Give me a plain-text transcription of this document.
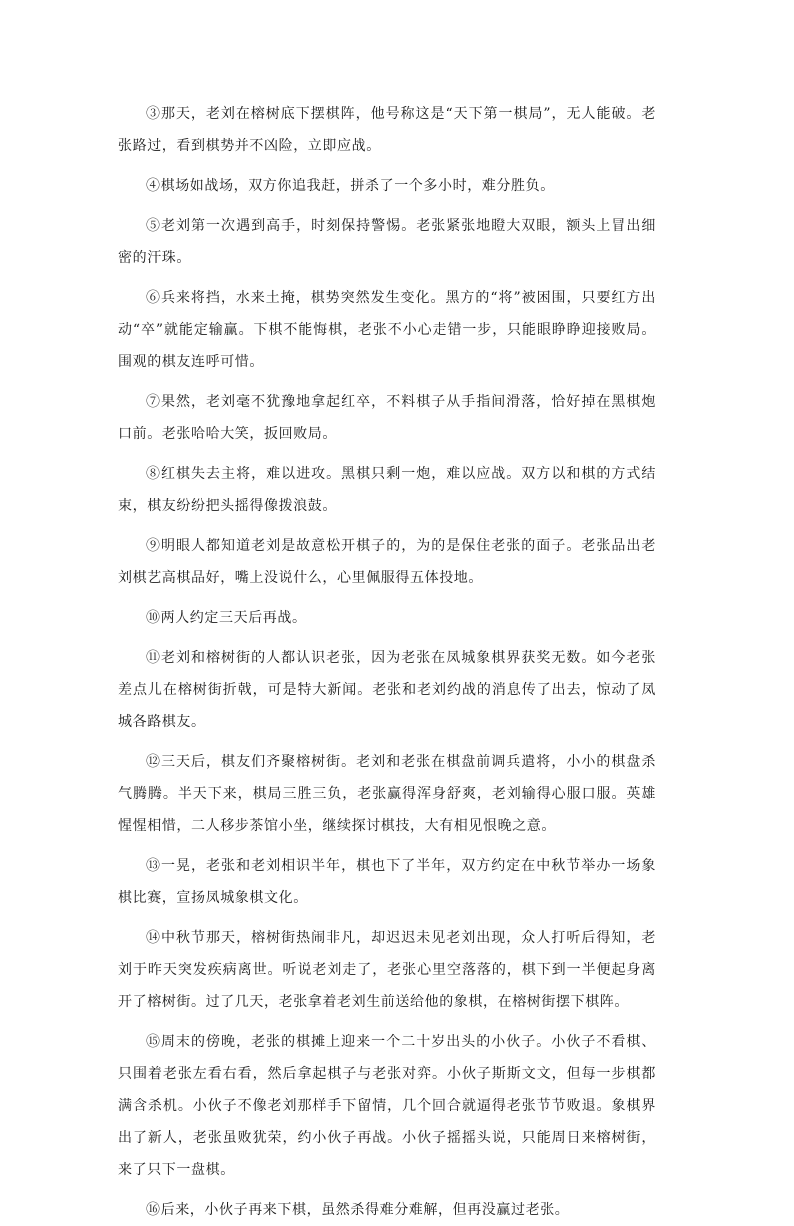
③那天，老刘在榕树底下摆棋阵，他号称这是“天下第一棋局”，无人能破。老张路过，看到棋势并不凶险，立即应战。

④棋场如战场，双方你追我赶，拼杀了一个多小时，难分胜负。

⑤老刘第一次遇到高手，时刻保持警惕。老张紧张地瞪大双眼，额头上冒出细密的汗珠。

⑥兵来将挡，水来土掩，棋势突然发生变化。黑方的“将”被困围，只要红方出动“卒”就能定输赢。下棋不能悔棋，老张不小心走错一步，只能眼睁睁迎接败局。围观的棋友连呼可惜。

⑦果然，老刘毫不犹豫地拿起红卒，不料棋子从手指间滑落，恰好掉在黑棋炮口前。老张哈哈大笑，扳回败局。

⑧红棋失去主将，难以进攻。黑棋只剩一炮，难以应战。双方以和棋的方式结束，棋友纷纷把头摇得像拨浪鼓。

⑨明眼人都知道老刘是故意松开棋子的，为的是保住老张的面子。老张品出老刘棋艺高棋品好，嘴上没说什么，心里佩服得五体投地。

⑩两人约定三天后再战。

⑪老刘和榕树街的人都认识老张，因为老张在凤城象棋界获奖无数。如今老张差点儿在榕树街折戟，可是特大新闻。老张和老刘约战的消息传了出去，惊动了凤城各路棋友。

⑫三天后，棋友们齐聚榕树街。老刘和老张在棋盘前调兵遣将，小小的棋盘杀气腾腾。半天下来，棋局三胜三负，老张赢得浑身舒爽，老刘输得心服口服。英雄惺惺相惜，二人移步茶馆小坐，继续探讨棋技，大有相见恨晚之意。

⑬一晃，老张和老刘相识半年，棋也下了半年，双方约定在中秋节举办一场象棋比赛，宣扬凤城象棋文化。

⑭中秋节那天，榕树街热闹非凡，却迟迟未见老刘出现，众人打听后得知，老刘于昨天突发疾病离世。听说老刘走了，老张心里空落落的，棋下到一半便起身离开了榕树街。过了几天，老张拿着老刘生前送给他的象棋，在榕树街摆下棋阵。

⑮周末的傍晚，老张的棋摊上迎来一个二十岁出头的小伙子。小伙子不看棋、只围着老张左看右看，然后拿起棋子与老张对弈。小伙子斯斯文文，但每一步棋都满含杀机。小伙子不像老刘那样手下留情，几个回合就逼得老张节节败退。象棋界出了新人，老张虽败犹荣，约小伙子再战。小伙子摇摇头说，只能周日来榕树街，来了只下一盘棋。

⑯后来，小伙子再来下棋，虽然杀得难分难解，但再没赢过老张。
